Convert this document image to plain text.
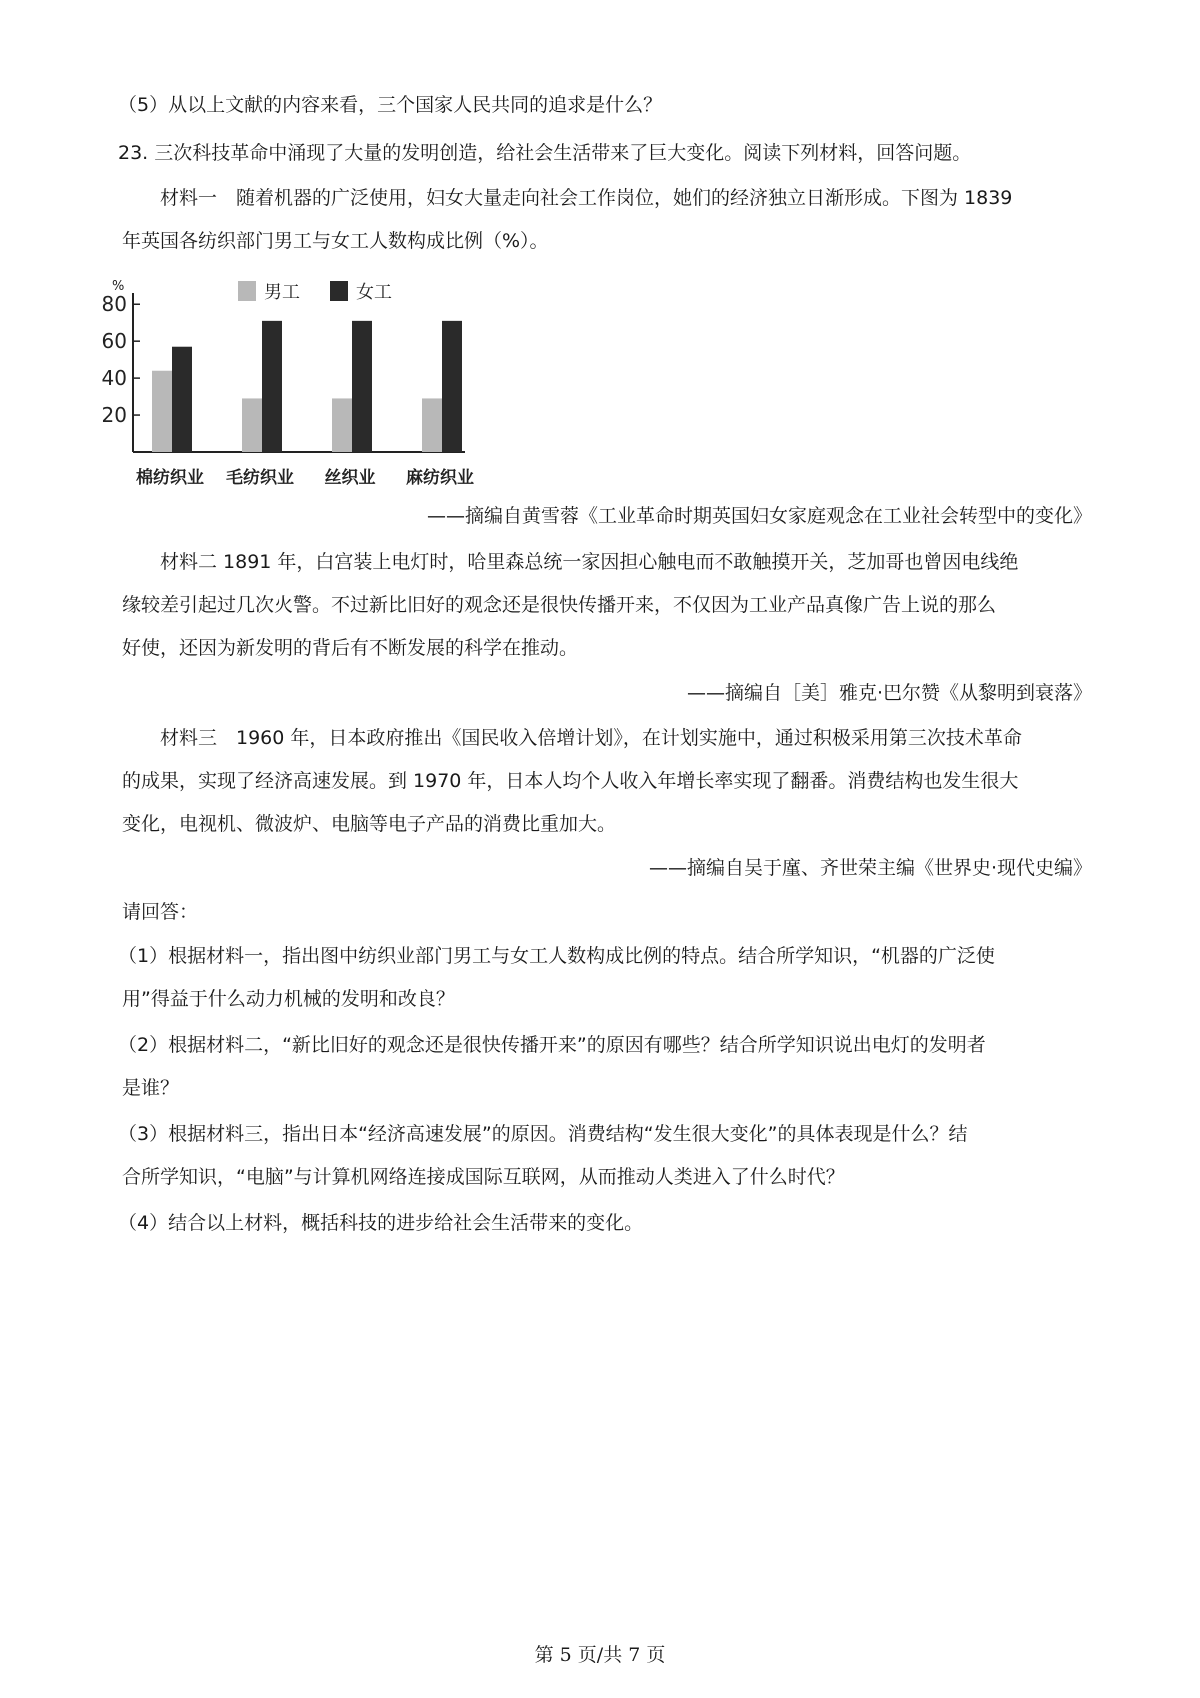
（5）从以上文献的内容来看，三个国家人民共同的追求是什么？
23. 三次科技革命中涌现了大量的发明创造，给社会生活带来了巨大变化。阅读下列材料，回答问题。
材料一　随着机器的广泛使用，妇女大量走向社会工作岗位，她们的经济独立日渐形成。下图为 1839
年英国各纺织部门男工与女工人数构成比例（%）。
%
20
40
60
80
棉纺织业 毛纺织业 丝织业 麻纺织业
男工	女工
——摘编自黄雪蓉《工业革命时期英国妇女家庭观念在工业社会转型中的变化》
材料二 1891 年，白宫装上电灯时，哈里森总统一家因担心触电而不敢触摸开关，芝加哥也曾因电线绝
缘较差引起过几次火警。不过新比旧好的观念还是很快传播开来，不仅因为工业产品真像广告上说的那么
好使，还因为新发明的背后有不断发展的科学在推动。
——摘编自［美］雅克·巴尔赞《从黎明到衰落》
材料三　1960 年，日本政府推出《国民收入倍增计划》，在计划实施中，通过积极采用第三次技术革命
的成果，实现了经济高速发展。到 1970 年，日本人均个人收入年增长率实现了翻番。消费结构也发生很大
变化，电视机、微波炉、电脑等电子产品的消费比重加大。
——摘编自吴于廑、齐世荣主编《世界史·现代史编》
请回答：
（1）根据材料一，指出图中纺织业部门男工与女工人数构成比例的特点。结合所学知识，“机器的广泛使
用”得益于什么动力机械的发明和改良？
（2）根据材料二，“新比旧好的观念还是很快传播开来”的原因有哪些？结合所学知识说出电灯的发明者
是谁？
（3）根据材料三，指出日本“经济高速发展”的原因。消费结构“发生很大变化”的具体表现是什么？结
合所学知识，“电脑”与计算机网络连接成国际互联网，从而推动人类进入了什么时代？
（4）结合以上材料，概括科技的进步给社会生活带来的变化。
第 5 页/共 7 页
